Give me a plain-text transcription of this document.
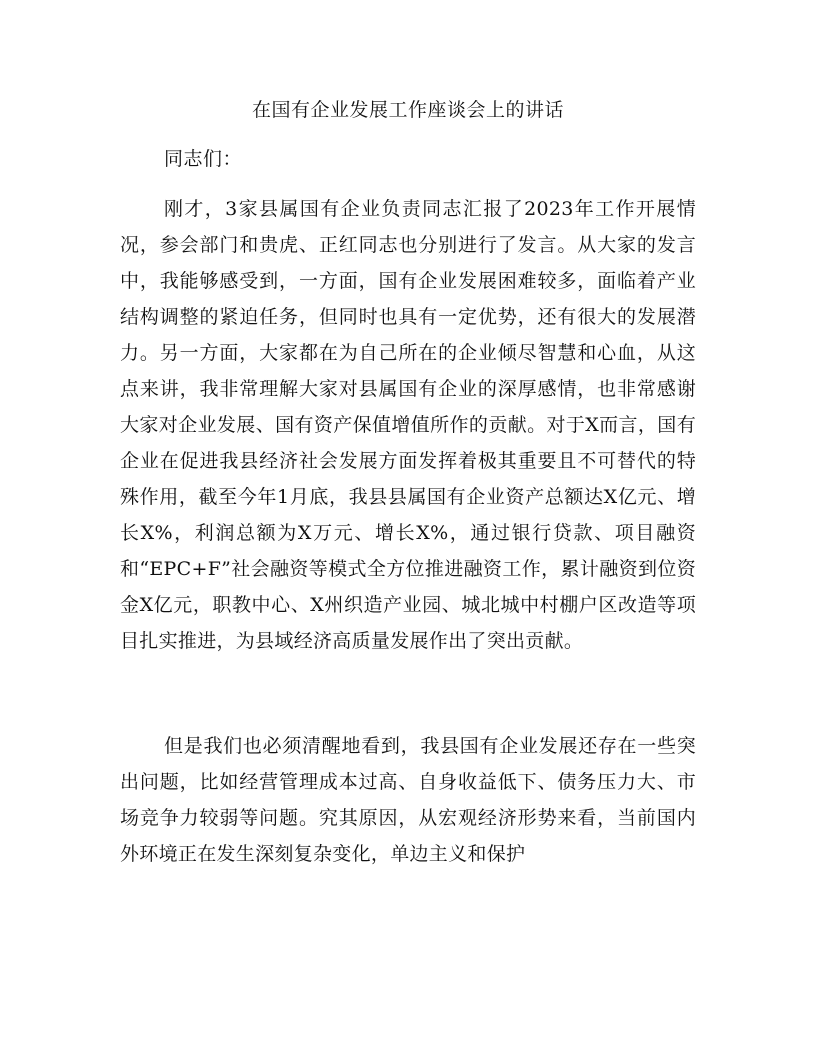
在国有企业发展工作座谈会上的讲话
同志们：

刚才，3家县属国有企业负责同志汇报了2023年工作开展情况，参会部门和贵虎、正红同志也分别进行了发言。从大家的发言中，我能够感受到，一方面，国有企业发展困难较多，面临着产业结构调整的紧迫任务，但同时也具有一定优势，还有很大的发展潜力。另一方面，大家都在为自己所在的企业倾尽智慧和心血，从这点来讲，我非常理解大家对县属国有企业的深厚感情，也非常感谢大家对企业发展、国有资产保值增值所作的贡献。对于X而言，国有企业在促进我县经济社会发展方面发挥着极其重要且不可替代的特殊作用，截至今年1月底，我县县属国有企业资产总额达X亿元、增长X%，利润总额为X万元、增长X%，通过银行贷款、项目融资和“EPC+F”社会融资等模式全方位推进融资工作，累计融资到位资金X亿元，职教中心、X州织造产业园、城北城中村棚户区改造等项目扎实推进，为县域经济高质量发展作出了突出贡献。

但是我们也必须清醒地看到，我县国有企业发展还存在一些突出问题，比如经营管理成本过高、自身收益低下、债务压力大、市场竞争力较弱等问题。究其原因，从宏观经济形势来看，当前国内外环境正在发生深刻复杂变化，单边主义和保护
